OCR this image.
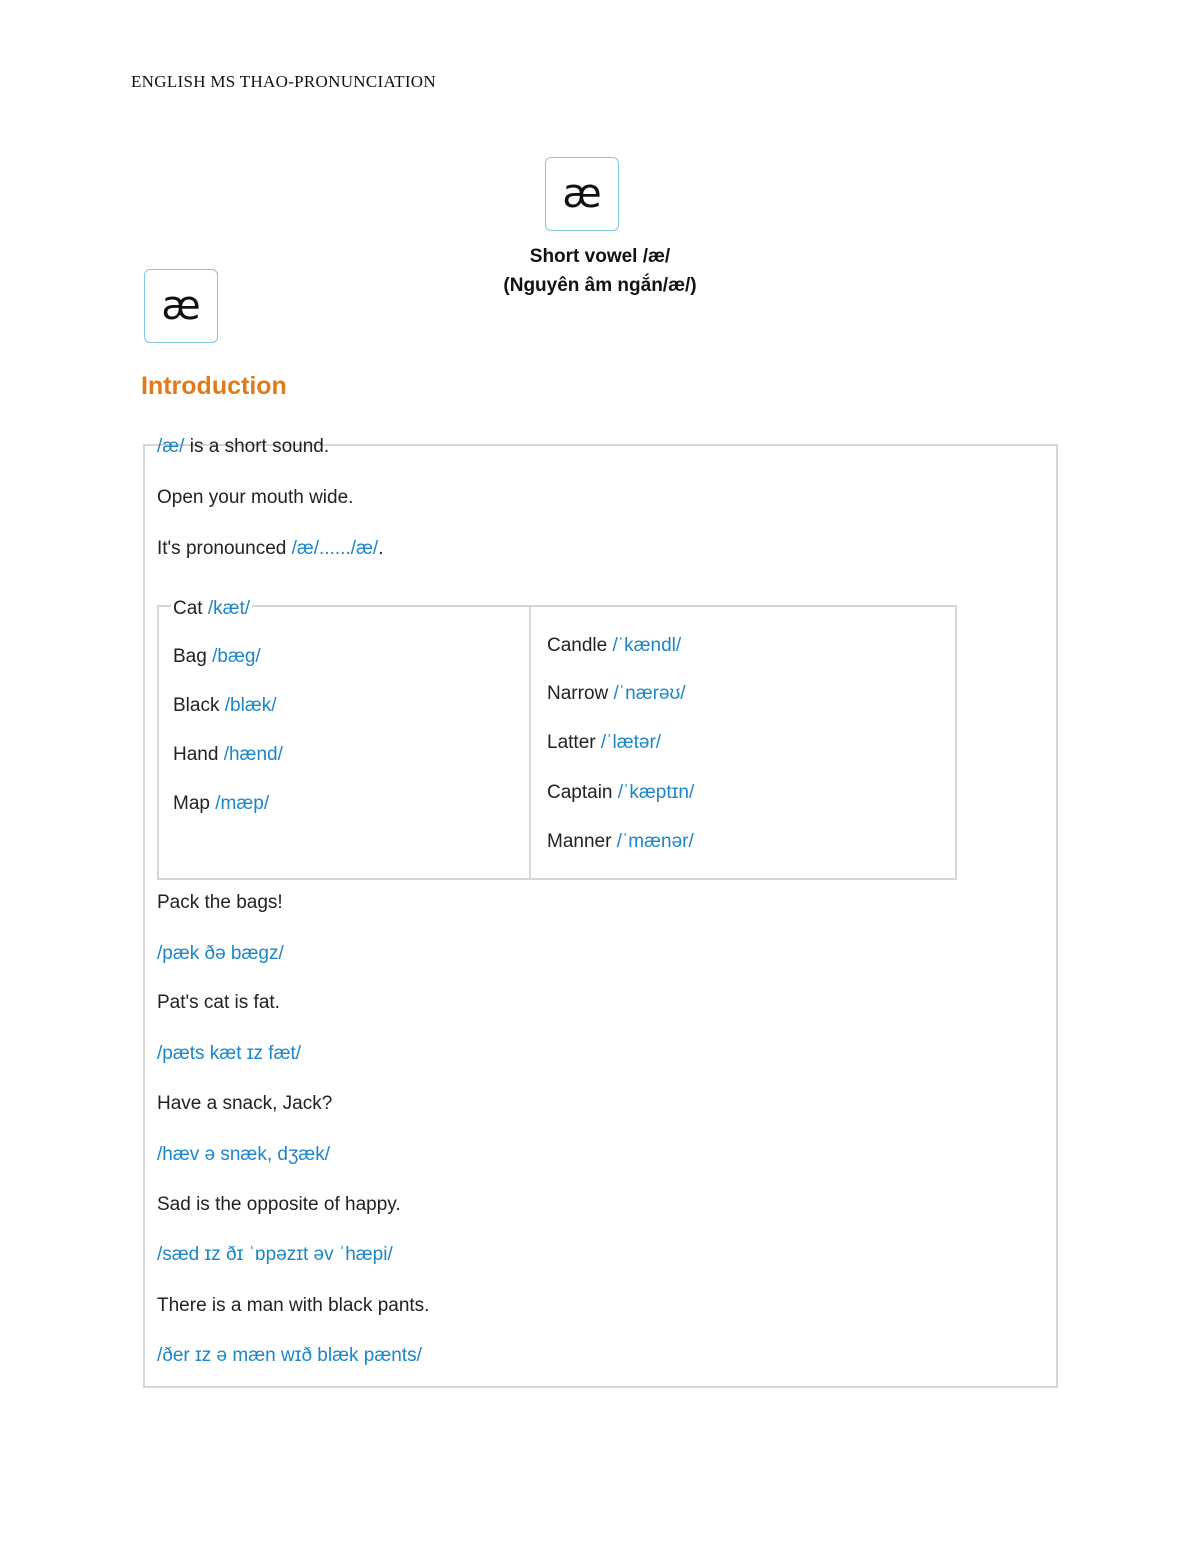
ENGLISH MS THAO-PRONUNCIATION
æ
Short vowel /æ/
(Nguyên âm ngắn/æ/)
æ
Introduction
/æ/ is a short sound.
Open your mouth wide.
It's pronounced /æ/....../æ/.
Cat /kæt/
Bag /bæg/
Black /blæk/
Hand /hænd/
Map /mæp/
Candle /ˈkændl/
Narrow /ˈnærəʊ/
Latter /ˈlætər/
Captain /ˈkæptɪn/
Manner /ˈmænər/
Pack the bags!
/pæk ðə bægz/
Pat's cat is fat.
/pæts kæt ɪz fæt/
Have a snack, Jack?
/hæv ə snæk, dʒæk/
Sad is the opposite of happy.
/sæd ɪz ðɪ ˈɒpəzɪt əv ˈhæpi/
There is a man with black pants.
/ðer ɪz ə mæn wɪð blæk pænts/
